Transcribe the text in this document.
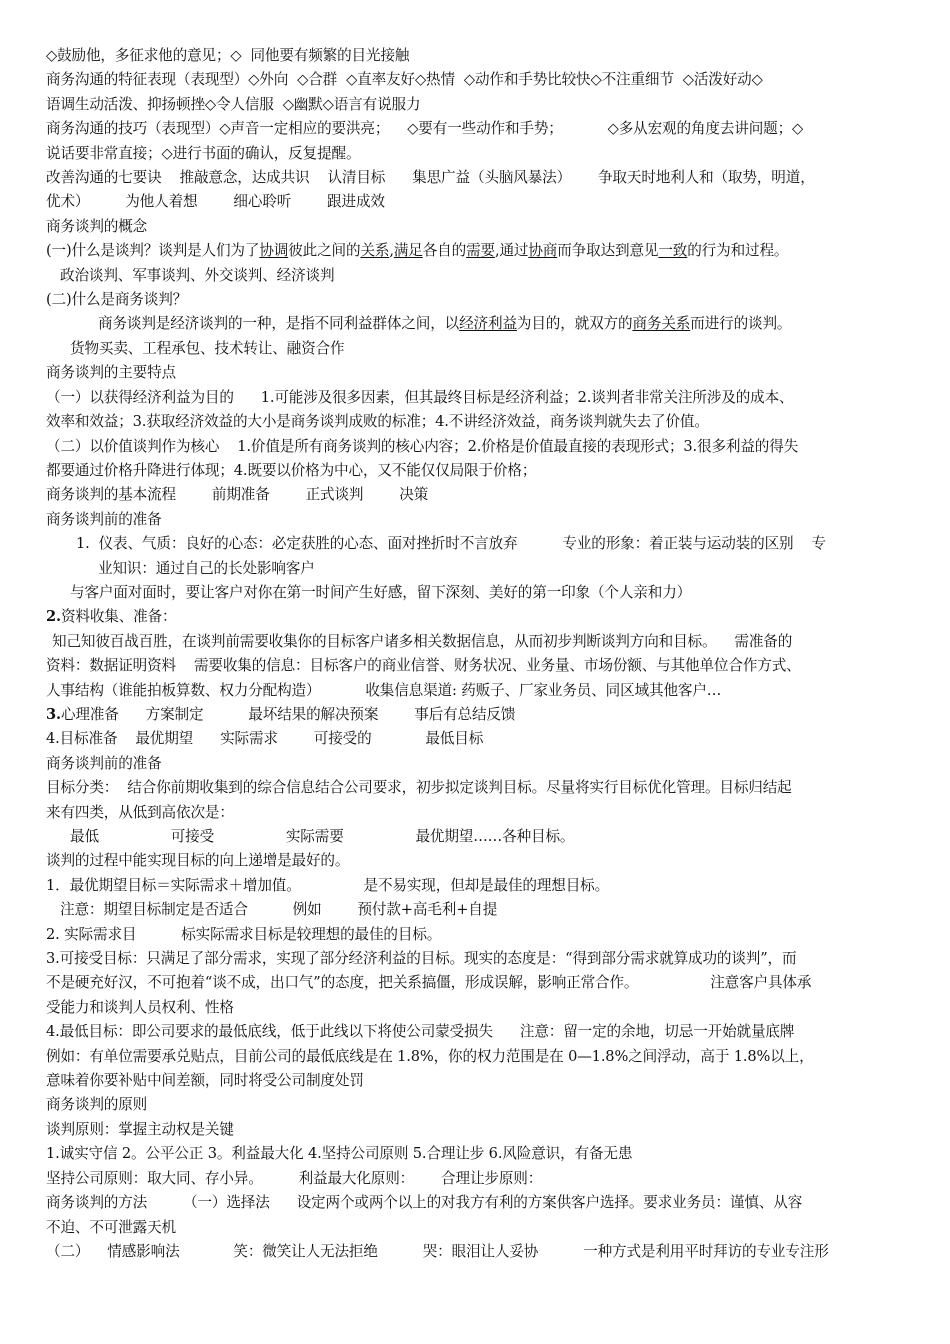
◇鼓励他，多征求他的意见；◇  同他要有频繁的目光接触

商务沟通的特征表现（表现型）◇外向  ◇合群  ◇直率友好◇热情  ◇动作和手势比较快◇不注重细节  ◇活泼好动◇

语调生动活泼、抑扬顿挫◇令人信服  ◇幽默◇语言有说服力

商务沟通的技巧（表现型）◇声音一定相应的要洪亮；    ◇要有一些动作和手势；          ◇多从宏观的角度去讲问题；◇

说话要非常直接；◇进行书面的确认，反复提醒。

改善沟通的七要诀    推敲意念，达成共识    认清目标      集思广益（头脑风暴法）      争取天时地利人和（取势，明道，

优术）        为他人着想        细心聆听        跟进成效

商务谈判的概念

(一)什么是谈判？谈判是人们为了协调彼此之间的关系,满足各自的需要,通过协商而争取达到意见一致的行为和过程。

政治谈判、军事谈判、外交谈判、经济谈判

(二)什么是商务谈判？

商务谈判是经济谈判的一种，是指不同利益群体之间，以经济利益为目的，就双方的商务关系而进行的谈判。

货物买卖、工程承包、技术转让、融资合作

商务谈判的主要特点

（一）以获得经济利益为目的      1.可能涉及很多因素，但其最终目标是经济利益；2.谈判者非常关注所涉及的成本、

效率和效益；3.获取经济效益的大小是商务谈判成败的标准；4.不讲经济效益，商务谈判就失去了价值。

（二）以价值谈判作为核心    1.价值是所有商务谈判的核心内容；2.价格是价值最直接的表现形式；3.很多利益的得失

都要通过价格升降进行体现；4.既要以价格为中心，又不能仅仅局限于价格；

商务谈判的基本流程        前期准备        正式谈判        决策

商务谈判前的准备

1.  仪表、气质：良好的心态：必定获胜的心态、面对挫折时不言放弃          专业的形象：着正装与运动装的区别    专
业知识：通过自己的长处影响客户

与客户面对面时，要让客户对你在第一时间产生好感，留下深刻、美好的第一印象（个人亲和力）

2.资料收集、准备：

知己知彼百战百胜，在谈判前需要收集你的目标客户诸多相关数据信息，从而初步判断谈判方向和目标。    需准备的

资料：数据证明资料    需要收集的信息：目标客户的商业信誉、财务状况、业务量、市场份额、与其他单位合作方式、

人事结构（谁能拍板算数、权力分配构造）          收集信息渠道: 药贩子、厂家业务员、同区域其他客户…

3.心理准备      方案制定          最坏结果的解决预案        事后有总结反馈

4.目标准备    最优期望      实际需求        可接受的            最低目标

商务谈判前的准备

目标分类：  结合你前期收集到的综合信息结合公司要求，初步拟定谈判目标。尽量将实行目标优化管理。目标归结起

来有四类，从低到高依次是：

最低                可接受                实际需要                最优期望……各种目标。

谈判的过程中能实现目标的向上递增是最好的。

1．最优期望目标＝实际需求＋增加值。              是不易实现，但却是最佳的理想目标。

注意：期望目标制定是否适合          例如        预付款+高毛利+自提

2. 实际需求目          标实际需求目标是较理想的最佳的目标。

3.可接受目标：只满足了部分需求，实现了部分经济利益的目标。现实的态度是：“得到部分需求就算成功的谈判”，而

不是硬充好汉，不可抱着“谈不成，出口气”的态度，把关系搞僵，形成误解，影响正常合作。                注意客户具体承

受能力和谈判人员权利、性格

4.最低目标：即公司要求的最低底线，低于此线以下将使公司蒙受损失      注意：留一定的余地，切忌一开始就量底牌

例如：有单位需要承兑贴点，目前公司的最低底线是在 1.8%，你的权力范围是在 0—1.8%之间浮动，高于 1.8%以上，

意味着你要补贴中间差额，同时将受公司制度处罚

商务谈判的原则

谈判原则：掌握主动权是关键

1.诚实守信 2。公平公正 3。利益最大化 4.坚持公司原则 5.合理让步 6.风险意识，有备无患

坚持公司原则：取大同、存小异。        利益最大化原则：      合理让步原则：

商务谈判的方法        （一）选择法      设定两个或两个以上的对我方有利的方案供客户选择。要求业务员：谨慎、从容

不迫、不可泄露天机

（二）    情感影响法            笑：微笑让人无法拒绝          哭：眼泪让人妥协          一种方式是利用平时拜访的专业专注形
